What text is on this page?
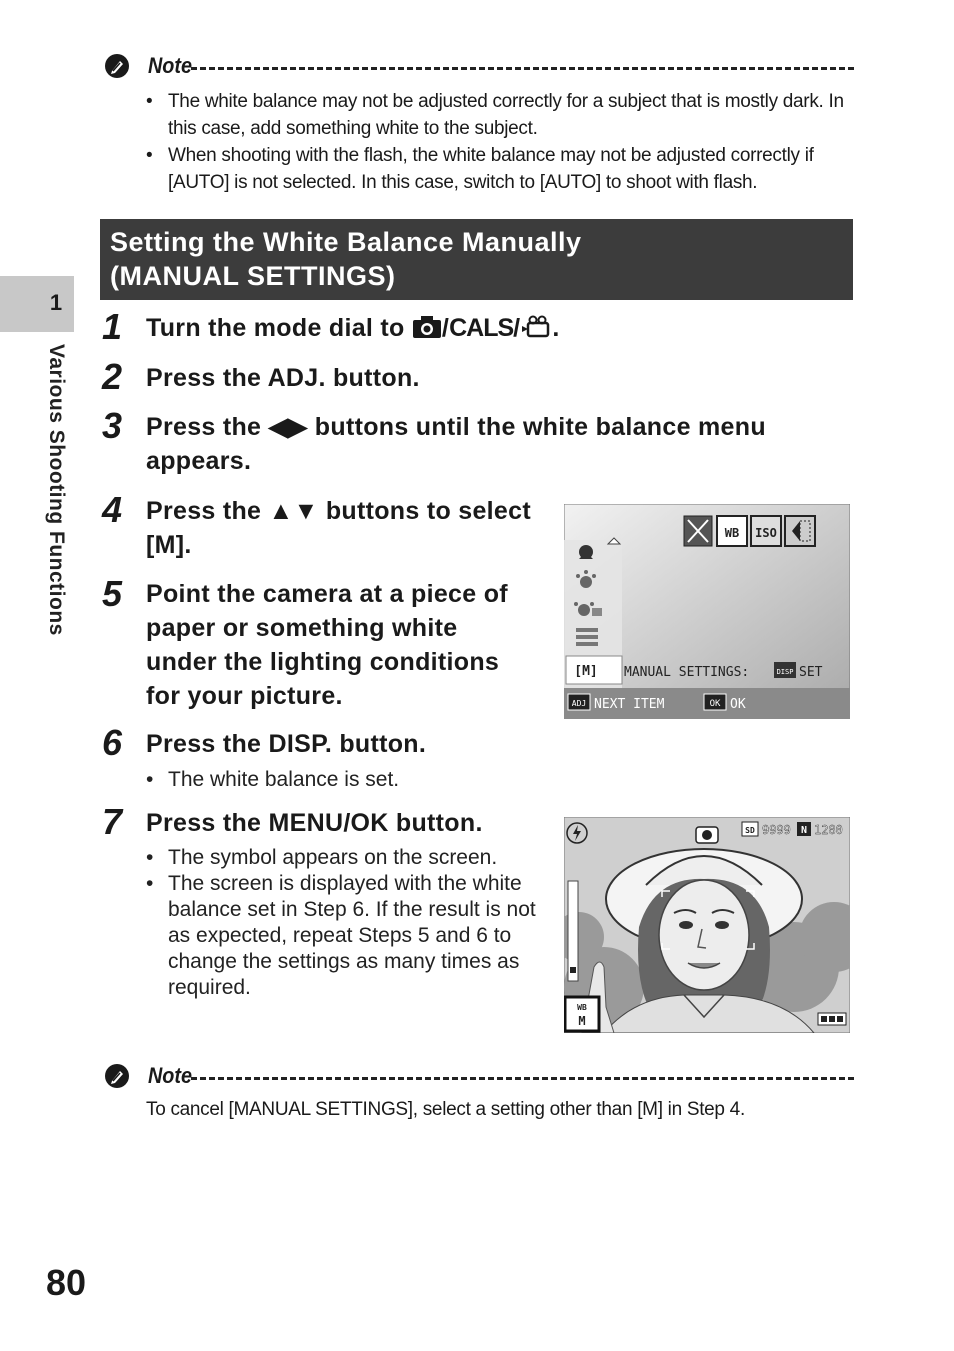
1
Various Shooting Functions
Note
• The white balance may not be adjusted correctly for a subject that is mostly dark. In this case, add something white to the subject.
• When shooting with the flash, the white balance may not be adjusted correctly if [AUTO] is not selected. In this case, switch to [AUTO] to shoot with flash.
Setting the White Balance Manually
(MANUAL SETTINGS)
1 Turn the mode dial to /CALS/ .
2 Press the ADJ. button.
3 Press the ◀▶ buttons until the white balance menu
appears.
4 Press the ▲▼ buttons to select
[M].
5 Point the camera at a piece of
paper or something white
under the lighting conditions
for your picture.
6 Press the DISP. button.
• The white balance is set.
7 Press the MENU/OK button.
• The symbol appears on the screen.
• The screen is displayed with the white balance set in Step 6. If the result is not as expected, repeat Steps 5 and 6 to change the settings as many times as required.
WB ISO
[M] MANUAL SETTINGS:	DISP SET
ADJ NEXT ITEM	OK OK
SD 9999 N 1280
WB
M
Note
To cancel [MANUAL SETTINGS], select a setting other than [M] in Step 4.
80
